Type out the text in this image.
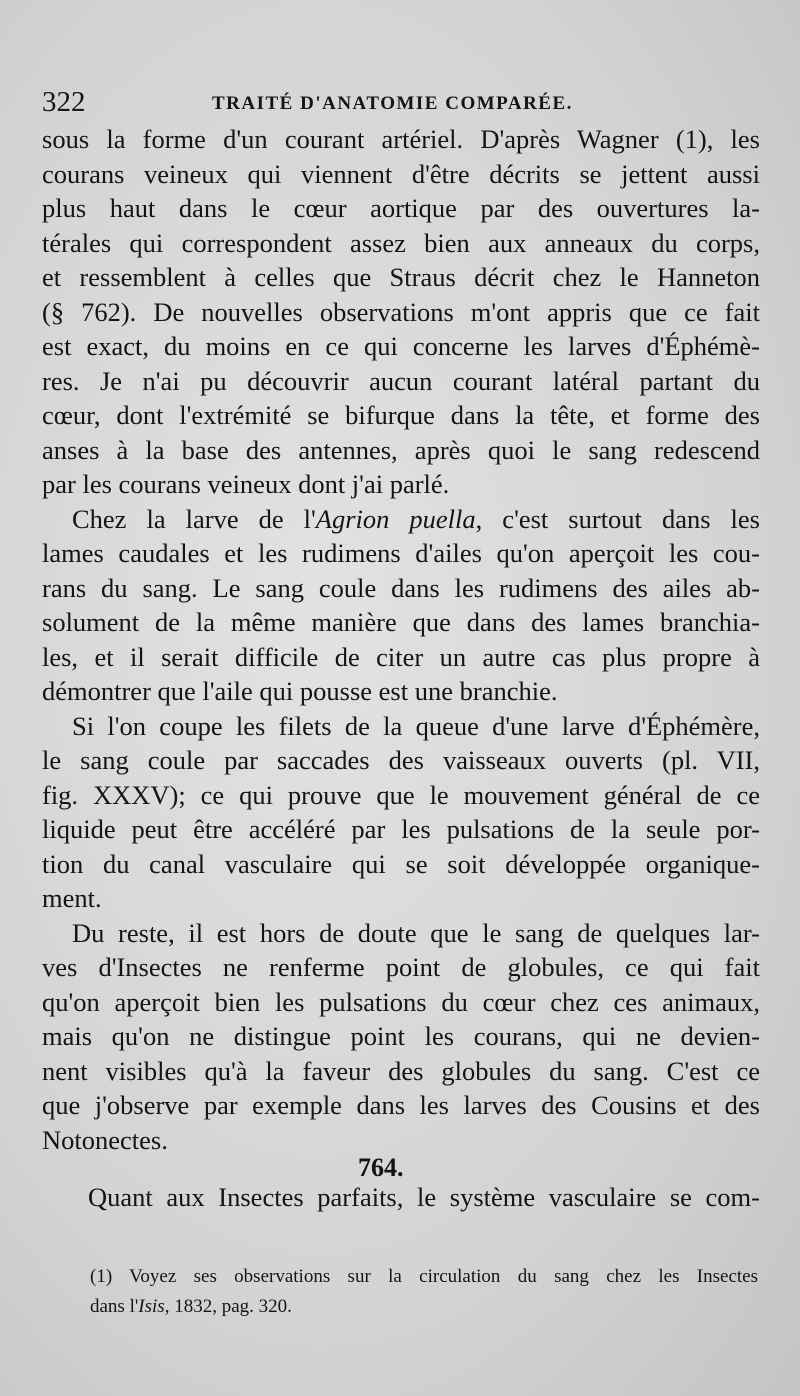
322	TRAITÉ D'ANATOMIE COMPARÉE.
sous la forme d'un courant artériel. D'après Wagner (1), les
courans veineux qui viennent d'être décrits se jettent aussi
plus haut dans le cœur aortique par des ouvertures la-
térales qui correspondent assez bien aux anneaux du corps,
et ressemblent à celles que Straus décrit chez le Hanneton
(§ 762). De nouvelles observations m'ont appris que ce fait
est exact, du moins en ce qui concerne les larves d'Éphémè-
res. Je n'ai pu découvrir aucun courant latéral partant du
cœur, dont l'extrémité se bifurque dans la tête, et forme des
anses à la base des antennes, après quoi le sang redescend
par les courans veineux dont j'ai parlé.
Chez la larve de l'Agrion puella, c'est surtout dans les
lames caudales et les rudimens d'ailes qu'on aperçoit les cou-
rans du sang. Le sang coule dans les rudimens des ailes ab-
solument de la même manière que dans des lames branchia-
les, et il serait difficile de citer un autre cas plus propre à
démontrer que l'aile qui pousse est une branchie.
Si l'on coupe les filets de la queue d'une larve d'Éphémère,
le sang coule par saccades des vaisseaux ouverts (pl. VII,
fig. XXXV); ce qui prouve que le mouvement général de ce
liquide peut être accéléré par les pulsations de la seule por-
tion du canal vasculaire qui se soit développée organique-
ment.
Du reste, il est hors de doute que le sang de quelques lar-
ves d'Insectes ne renferme point de globules, ce qui fait
qu'on aperçoit bien les pulsations du cœur chez ces animaux,
mais qu'on ne distingue point les courans, qui ne devien-
nent visibles qu'à la faveur des globules du sang. C'est ce
que j'observe par exemple dans les larves des Cousins et des
Notonectes.
764.
Quant aux Insectes parfaits, le système vasculaire se com-
(1) Voyez ses observations sur la circulation du sang chez les Insectes
dans l'Isis, 1832, pag. 320.
